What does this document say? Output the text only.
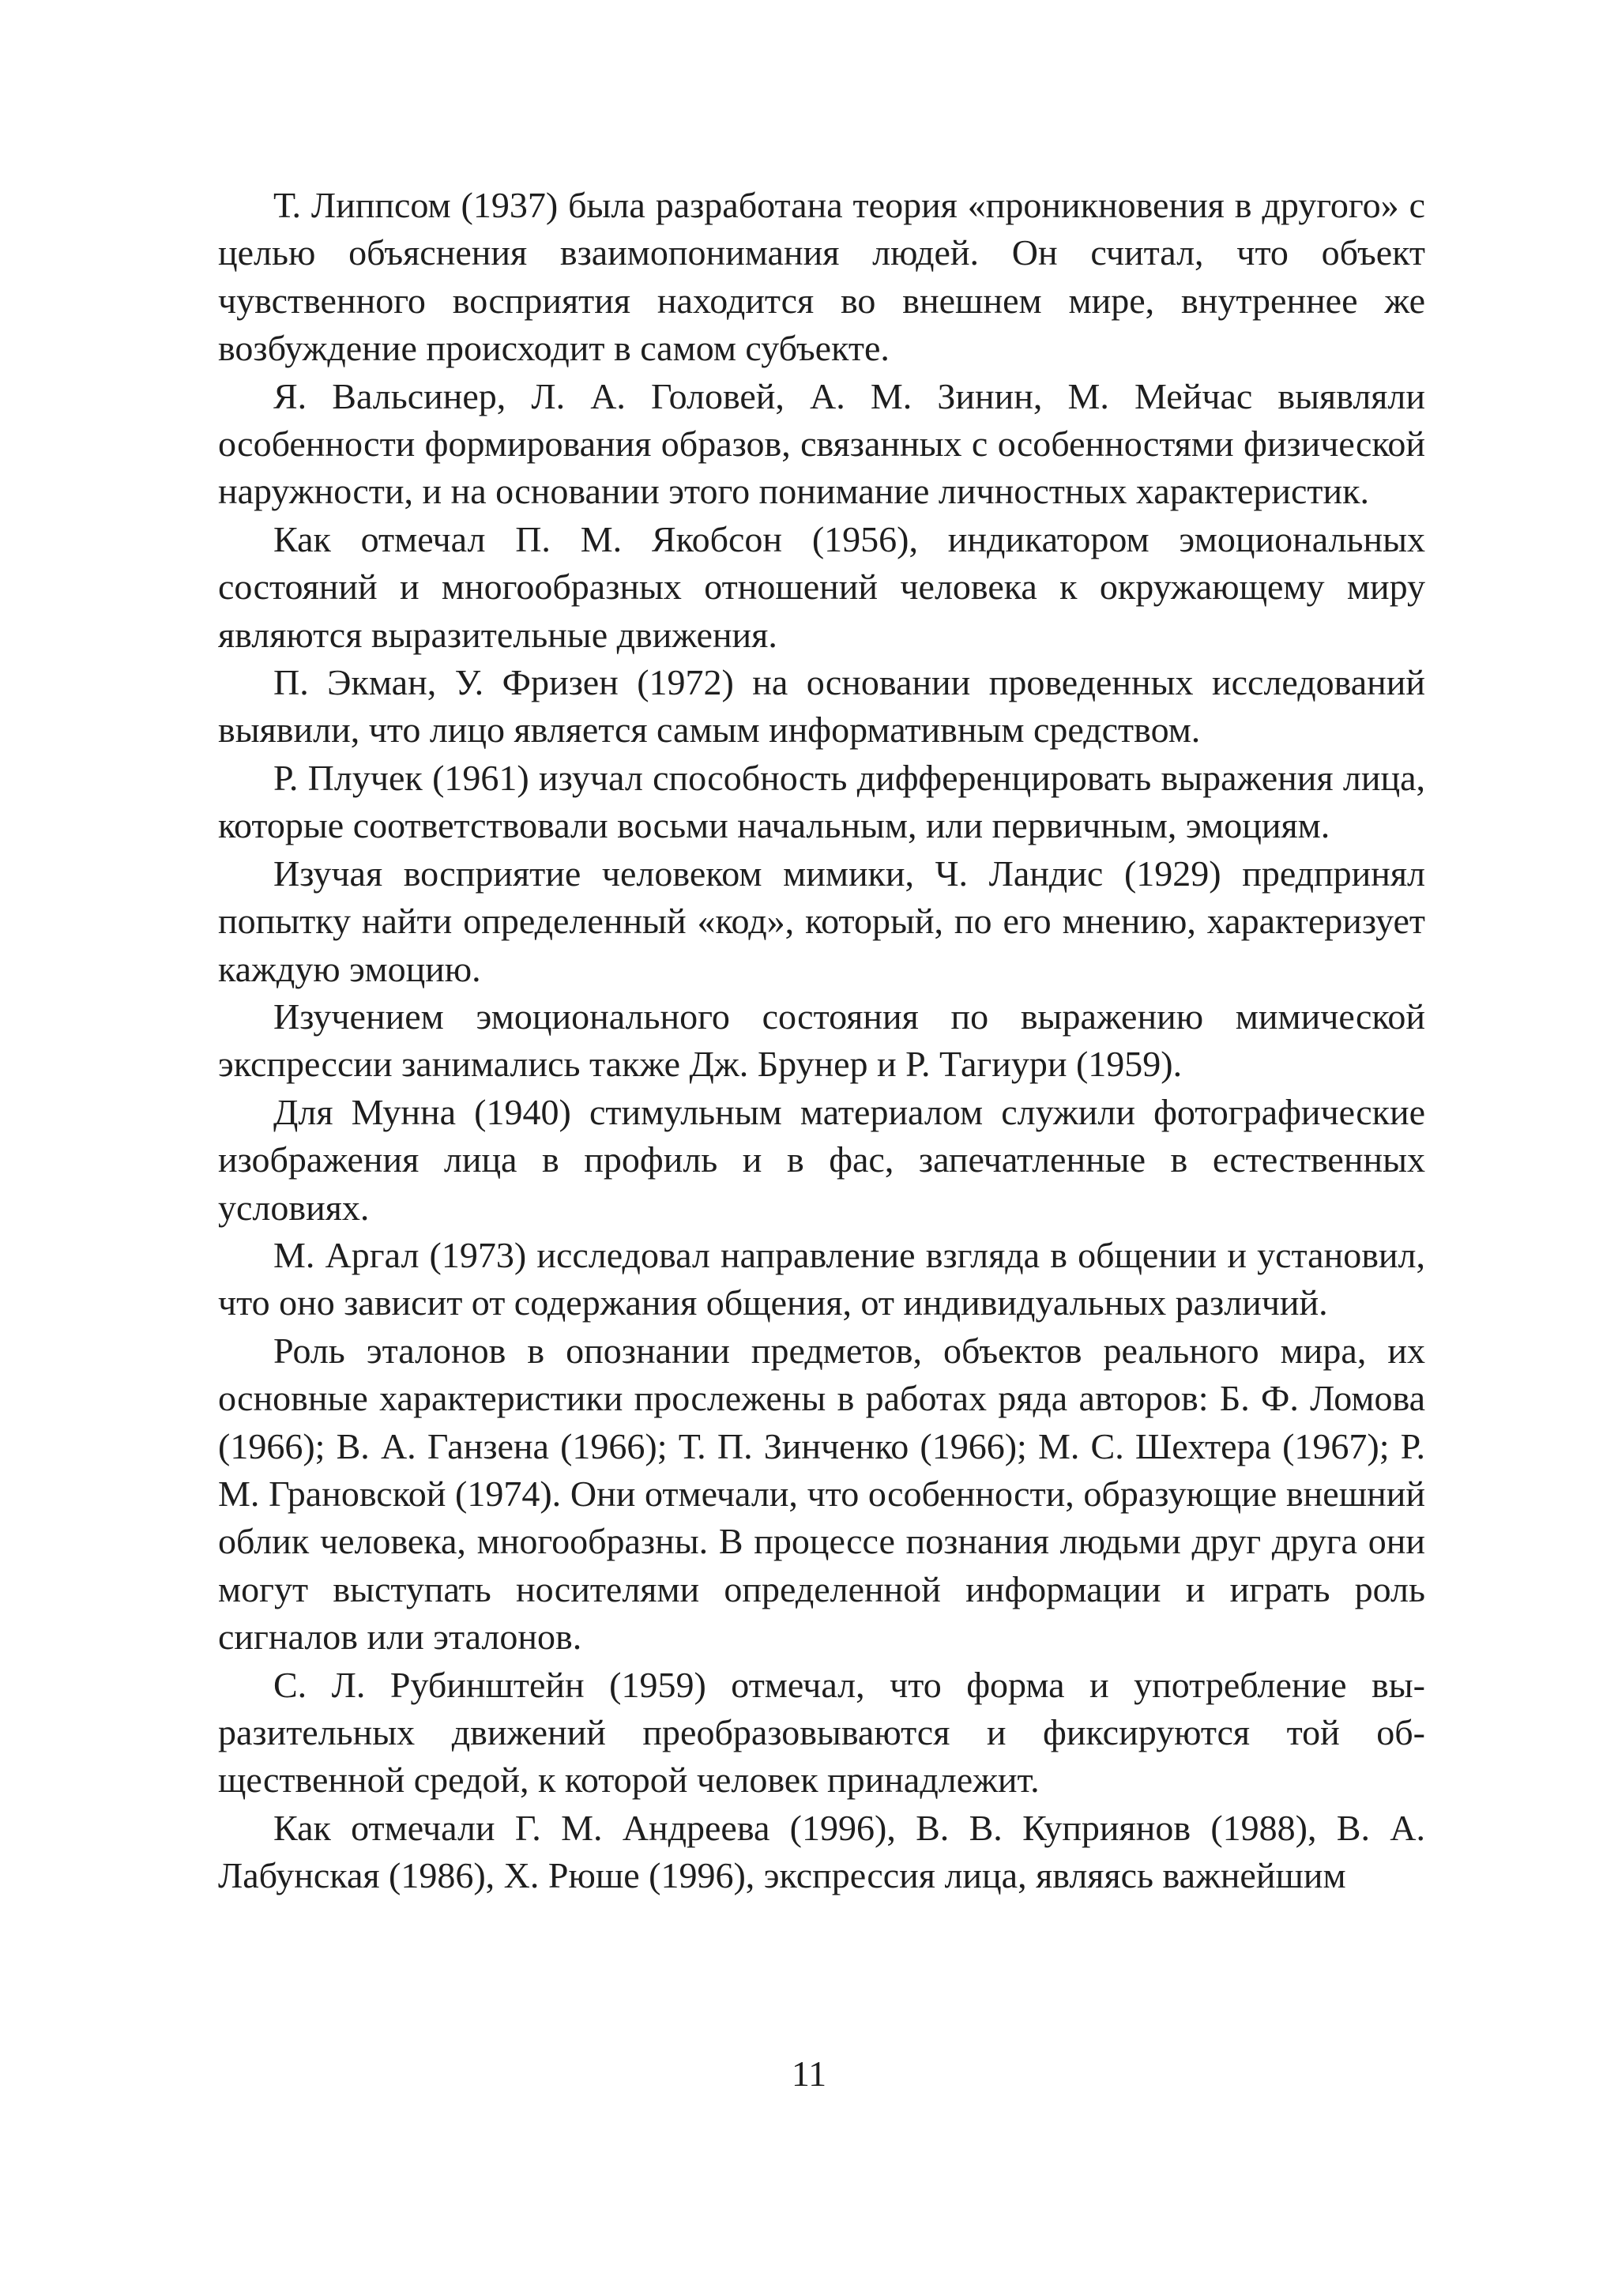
Т. Липпсом (1937) была разработана теория «проникновения в другого» с целью объяснения взаимопонимания людей. Он считал, что объект чувственного восприятия находится во внешнем мире, внутреннее же возбуждение происходит в самом субъекте.

Я. Вальсинер, Л. А. Головей, А. М. Зинин, М. Мейчас выявляли особенности формирования образов, связанных с особенностями физической наружности, и на основании этого понимание личностных характеристик.

Как отмечал П. М. Якобсон (1956), индикатором эмоциональных состояний и многообразных отношений человека к окружающему миру являются выразительные движения.

П. Экман, У. Фризен (1972) на основании проведенных исследований выявили, что лицо является самым информативным средством.

Р. Плучек (1961) изучал способность дифференцировать выражения лица, которые соответствовали восьми начальным, или первичным, эмоциям.

Изучая восприятие человеком мимики, Ч. Ландис (1929) предпринял попытку найти определенный «код», который, по его мнению, характеризует каждую эмоцию.

Изучением эмоционального состояния по выражению мимической экспрессии занимались также Дж. Брунер и Р. Тагиури (1959).

Для Мунна (1940) стимульным материалом служили фотографические изображения лица в профиль и в фас, запечатленные в естественных условиях.

М. Аргал (1973) исследовал направление взгляда в общении и установил, что оно зависит от содержания общения, от индивидуальных различий.

Роль эталонов в опознании предметов, объектов реального мира, их основные характеристики прослежены в работах ряда авторов: Б. Ф. Ломова (1966); В. А. Ганзена (1966); Т. П. Зинченко (1966); М. С. Шехтера (1967); Р. М. Грановской (1974). Они отмечали, что особенности, образующие внешний облик человека, многообразны. В процессе познания людьми друг друга они могут выступать носителями определенной информации и играть роль сигналов или эталонов.

С. Л. Рубинштейн (1959) отмечал, что форма и употребление выразительных движений преобразовываются и фиксируются той общественной средой, к которой человек принадлежит.

Как отмечали Г. М. Андреева (1996), В. В. Куприянов (1988), В. А. Лабунская (1986), Х. Рюше (1996), экспрессия лица, являясь важнейшим

11
